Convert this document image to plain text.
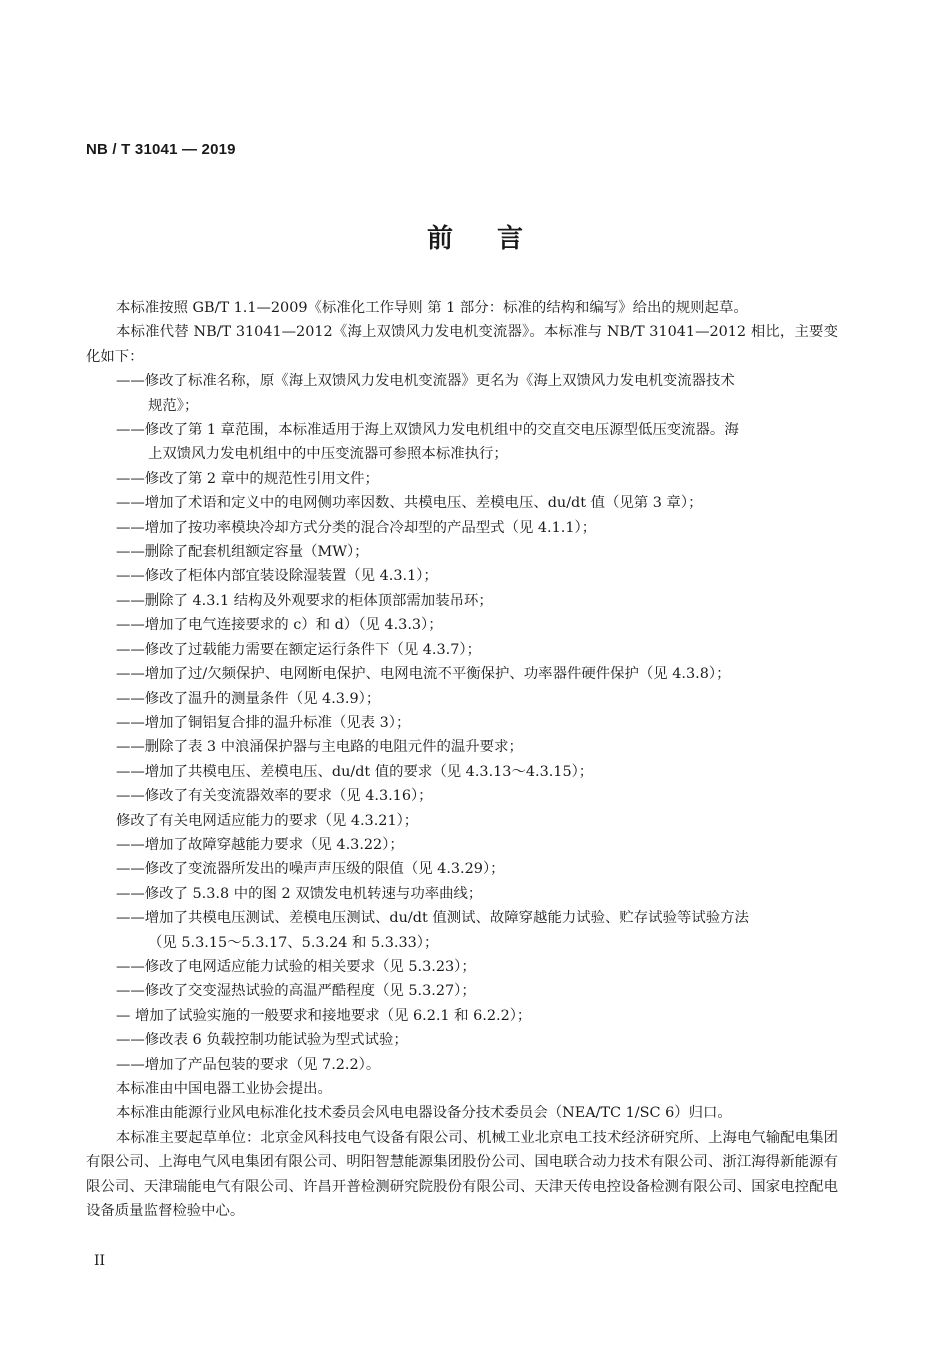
NB / T 31041 — 2019
前言
本标准按照 GB/T 1.1—2009《标准化工作导则 第 1 部分：标准的结构和编写》给出的规则起草。
本标准代替 NB/T 31041—2012《海上双馈风力发电机变流器》。本标准与 NB/T 31041—2012 相比，主要变化如下：
——修改了标准名称，原《海上双馈风力发电机变流器》更名为《海上双馈风力发电机变流器技术
规范》；
——修改了第 1 章范围，本标准适用于海上双馈风力发电机组中的交直交电压源型低压变流器。海
上双馈风力发电机组中的中压变流器可参照本标准执行；
——修改了第 2 章中的规范性引用文件；
——增加了术语和定义中的电网侧功率因数、共模电压、差模电压、du/dt 值（见第 3 章）；
——增加了按功率模块冷却方式分类的混合冷却型的产品型式（见 4.1.1）；
——删除了配套机组额定容量（MW）；
——修改了柜体内部宜装设除湿装置（见 4.3.1）；
——删除了 4.3.1 结构及外观要求的柜体顶部需加装吊环；
——增加了电气连接要求的 c）和 d）（见 4.3.3）；
——修改了过载能力需要在额定运行条件下（见 4.3.7）；
——增加了过/欠频保护、电网断电保护、电网电流不平衡保护、功率器件硬件保护（见 4.3.8）；
——修改了温升的测量条件（见 4.3.9）；
——增加了铜铝复合排的温升标准（见表 3）；
——删除了表 3 中浪涌保护器与主电路的电阻元件的温升要求；
——增加了共模电压、差模电压、du/dt 值的要求（见 4.3.13～4.3.15）；
——修改了有关变流器效率的要求（见 4.3.16）；
修改了有关电网适应能力的要求（见 4.3.21）；
——增加了故障穿越能力要求（见 4.3.22）；
——修改了变流器所发出的噪声声压级的限值（见 4.3.29）；
——修改了 5.3.8 中的图 2 双馈发电机转速与功率曲线；
——增加了共模电压测试、差模电压测试、du/dt 值测试、故障穿越能力试验、贮存试验等试验方法
（见 5.3.15～5.3.17、5.3.24 和 5.3.33）；
——修改了电网适应能力试验的相关要求（见 5.3.23）；
——修改了交变湿热试验的高温严酷程度（见 5.3.27）；
— 增加了试验实施的一般要求和接地要求（见 6.2.1 和 6.2.2）；
——修改表 6 负载控制功能试验为型式试验；
——增加了产品包装的要求（见 7.2.2）。
本标准由中国电器工业协会提出。
本标准由能源行业风电标准化技术委员会风电电器设备分技术委员会（NEA/TC 1/SC 6）归口。
本标准主要起草单位：北京金风科技电气设备有限公司、机械工业北京电工技术经济研究所、上海电气输配电集团有限公司、上海电气风电集团有限公司、明阳智慧能源集团股份公司、国电联合动力技术有限公司、浙江海得新能源有限公司、天津瑞能电气有限公司、许昌开普检测研究院股份有限公司、天津天传电控设备检测有限公司、国家电控配电设备质量监督检验中心。
II
